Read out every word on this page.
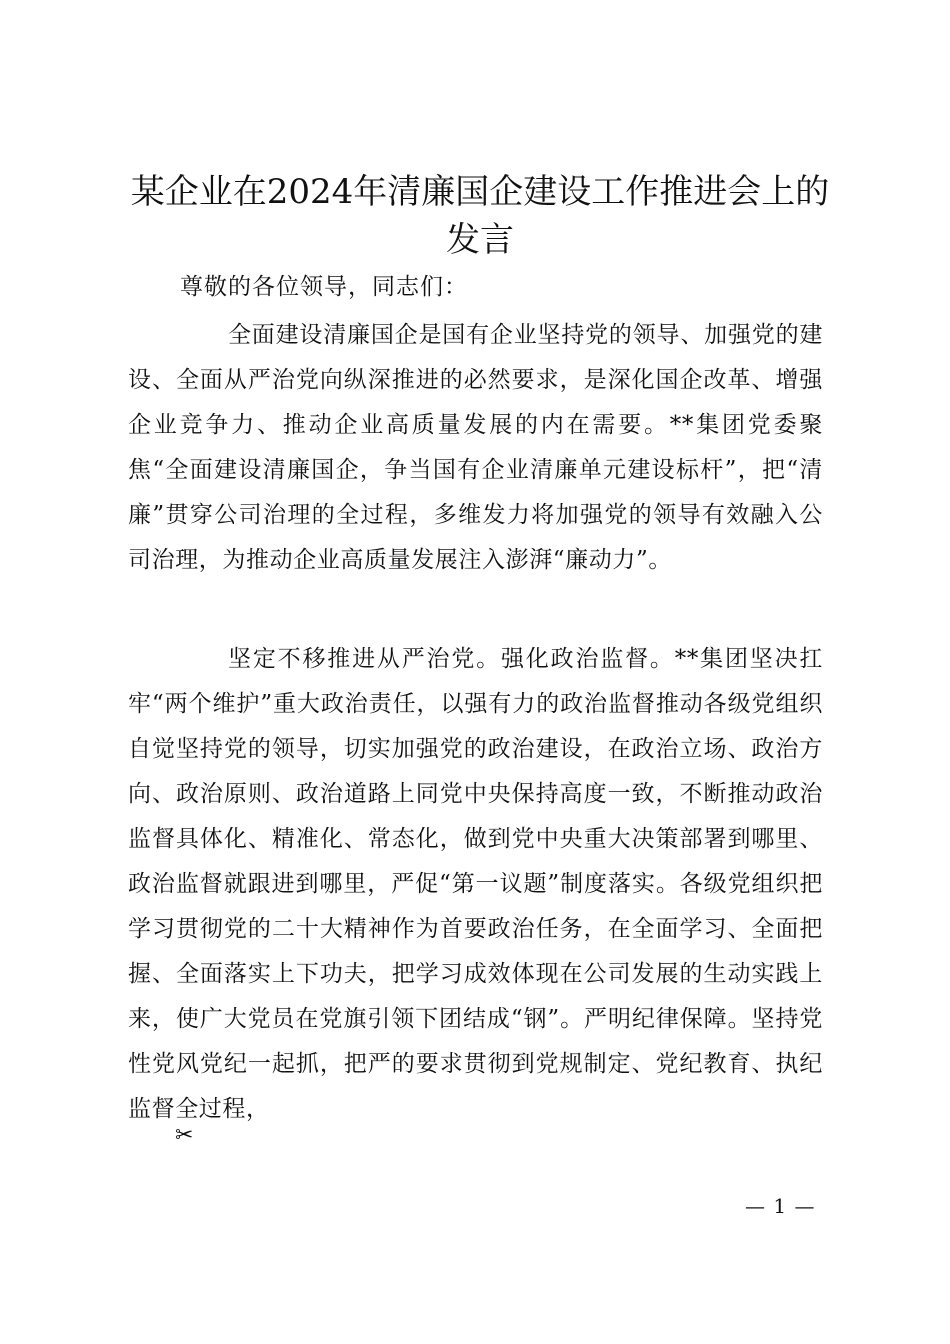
某企业在2024年清廉国企建设工作推进会上的发言
尊敬的各位领导，同志们：
全面建设清廉国企是国有企业坚持党的领导、加强党的建设、全面从严治党向纵深推进的必然要求，是深化国企改革、增强企业竞争力、推动企业高质量发展的内在需要。**集团党委聚焦“全面建设清廉国企，争当国有企业清廉单元建设标杆”，把“清廉”贯穿公司治理的全过程，多维发力将加强党的领导有效融入公司治理，为推动企业高质量发展注入澎湃“廉动力”。
坚定不移推进从严治党。强化政治监督。**集团坚决扛牢“两个维护”重大政治责任，以强有力的政治监督推动各级党组织自觉坚持党的领导，切实加强党的政治建设，在政治立场、政治方向、政治原则、政治道路上同党中央保持高度一致，不断推动政治监督具体化、精准化、常态化，做到党中央重大决策部署到哪里、政治监督就跟进到哪里，严促“第一议题”制度落实。各级党组织把学习贯彻党的二十大精神作为首要政治任务，在全面学习、全面把握、全面落实上下功夫，把学习成效体现在公司发展的生动实践上来，使广大党员在党旗引领下团结成“钢”。严明纪律保障。坚持党性党风党纪一起抓，把严的要求贯彻到党规制定、党纪教育、执纪监督全过程，
✂
— 1 —
